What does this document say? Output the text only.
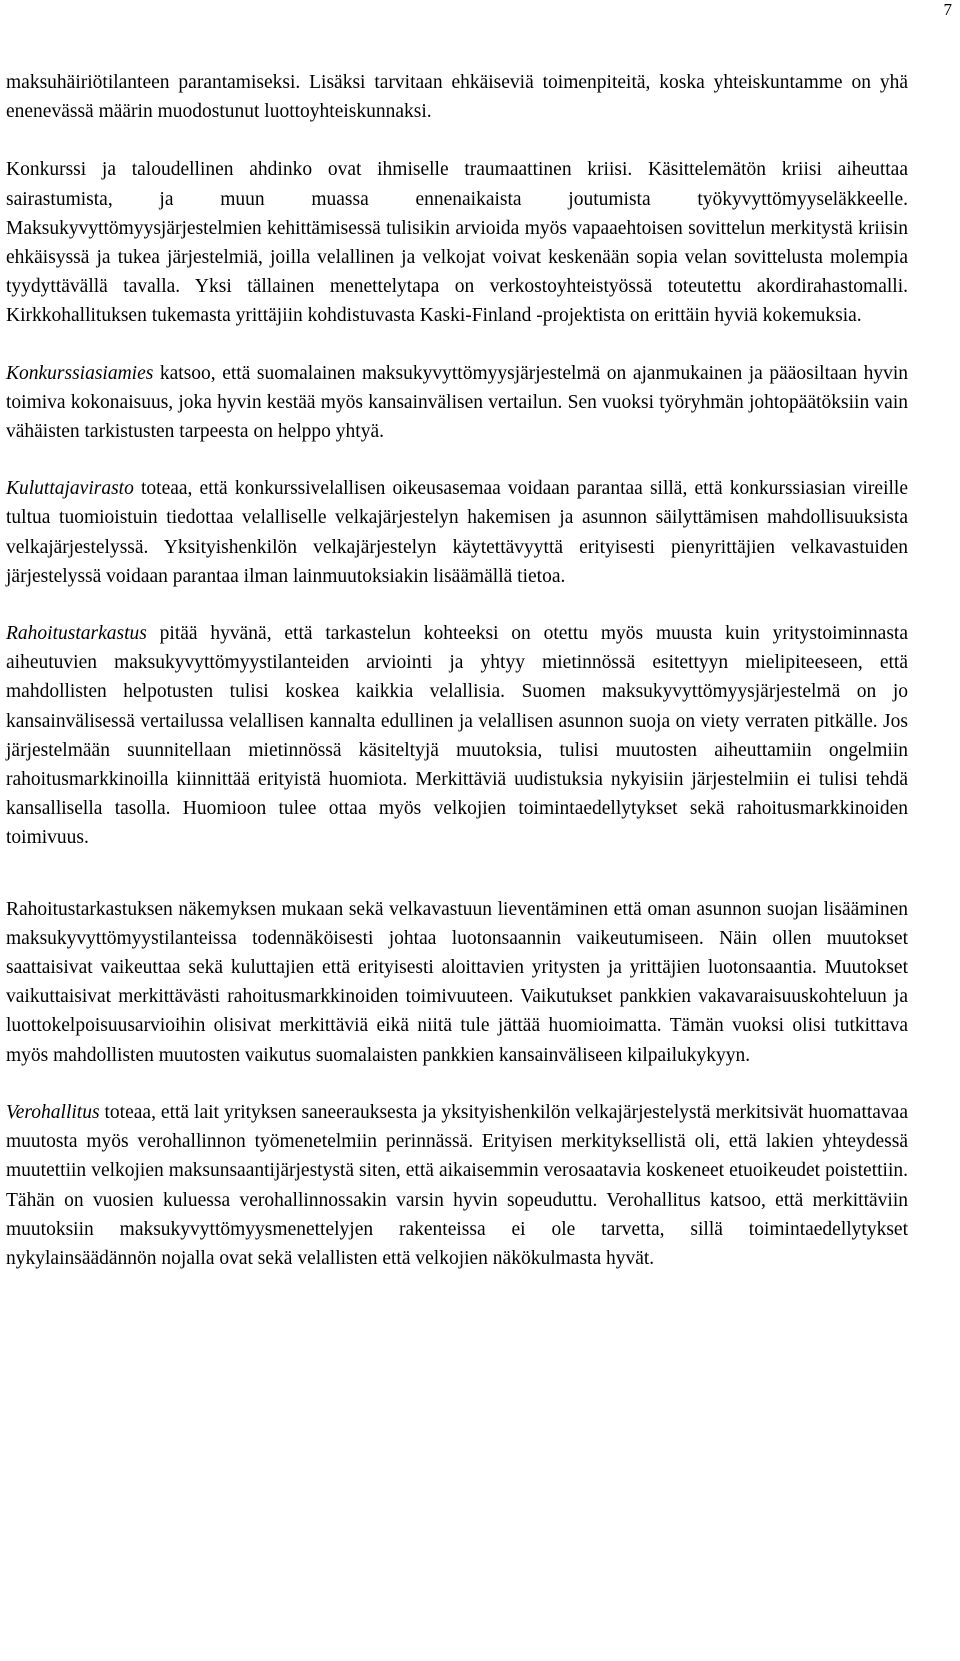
7

maksuhäiriötilanteen parantamiseksi. Lisäksi tarvitaan ehkäiseviä toimenpiteitä, koska yhteiskuntamme on yhä enenevässä määrin muodostunut luottoyhteiskunnaksi.

Konkurssi ja taloudellinen ahdinko ovat ihmiselle traumaattinen kriisi. Käsittelemätön kriisi aiheuttaa sairastumista, ja muun muassa ennenaikaista joutumista työkyvyttömyyseläkkeelle. Maksukyvyttömyysjärjestelmien kehittämisessä tulisikin arvioida myös vapaaehtoisen sovittelun merkitystä kriisin ehkäisyssä ja tukea järjestelmiä, joilla velallinen ja velkojat voivat keskenään sopia velan sovittelusta molempia tyydyttävällä tavalla. Yksi tällainen menettelytapa on verkostoyhteistyössä toteutettu akordirahastomalli. Kirkkohallituksen tukemasta yrittäjiin kohdistuvasta Kaski-Finland -projektista on erittäin hyviä kokemuksia.

Konkurssiasiamies katsoo, että suomalainen maksukyvyttömyysjärjestelmä on ajanmukainen ja pääosiltaan hyvin toimiva kokonaisuus, joka hyvin kestää myös kansainvälisen vertailun. Sen vuoksi työryhmän johtopäätöksiin vain vähäisten tarkistusten tarpeesta on helppo yhtyä.

Kuluttajavirasto toteaa, että konkurssivelallisen oikeusasemaa voidaan parantaa sillä, että konkurssiasian vireille tultua tuomioistuin tiedottaa velalliselle velkajärjestelyn hakemisen ja asunnon säilyttämisen mahdollisuuksista velkajärjestelyssä. Yksityishenkilön velkajärjestelyn käytettävyyttä erityisesti pienyrittäjien velkavastuiden järjestelyssä voidaan parantaa ilman lainmuutoksiakin lisäämällä tietoa.

Rahoitustarkastus pitää hyvänä, että tarkastelun kohteeksi on otettu myös muusta kuin yritystoiminnasta aiheutuvien maksukyvyttömyystilanteiden arviointi ja yhtyy mietinnössä esitettyyn mielipiteeseen, että mahdollisten helpotusten tulisi koskea kaikkia velallisia. Suomen maksukyvyttömyysjärjestelmä on jo kansainvälisessä vertailussa velallisen kannalta edullinen ja velallisen asunnon suoja on viety verraten pitkälle. Jos järjestelmään suunnitellaan mietinnössä käsiteltyjä muutoksia, tulisi muutosten aiheuttamiin ongelmiin rahoitusmarkkinoilla kiinnittää erityistä huomiota. Merkittäviä uudistuksia nykyisiin järjestelmiin ei tulisi tehdä kansallisella tasolla. Huomioon tulee ottaa myös velkojien toimintaedellytykset sekä rahoitusmarkkinoiden toimivuus.

Rahoitustarkastuksen näkemyksen mukaan sekä velkavastuun lieventäminen että oman asunnon suojan lisääminen maksukyvyttömyystilanteissa todennäköisesti johtaa luotonsaannin vaikeutumiseen. Näin ollen muutokset saattaisivat vaikeuttaa sekä kuluttajien että erityisesti aloittavien yritysten ja yrittäjien luotonsaantia. Muutokset vaikuttaisivat merkittävästi rahoitusmarkkinoiden toimivuuteen. Vaikutukset pankkien vakavaraisuuskohteluun ja luottokelpoisuusarvioihin olisivat merkittäviä eikä niitä tule jättää huomioimatta. Tämän vuoksi olisi tutkittava myös mahdollisten muutosten vaikutus suomalaisten pankkien kansainväliseen kilpailukykyyn.

Verohallitus toteaa, että lait yrityksen saneerauksesta ja yksityishenkilön velkajärjestelystä merkitsivät huomattavaa muutosta myös verohallinnon työmenetelmiin perinnässä. Erityisen merkityksellistä oli, että lakien yhteydessä muutettiin velkojien maksunsaantijärjestystä siten, että aikaisemmin verosaatavia koskeneet etuoikeudet poistettiin. Tähän on vuosien kuluessa verohallinnossakin varsin hyvin sopeuduttu. Verohallitus katsoo, että merkittäviin muutoksiin maksukyvyttömyysmenettelyjen rakenteissa ei ole tarvetta, sillä toimintaedellytykset nykylainsäädännön nojalla ovat sekä velallisten että velkojien näkökulmasta hyvät.
